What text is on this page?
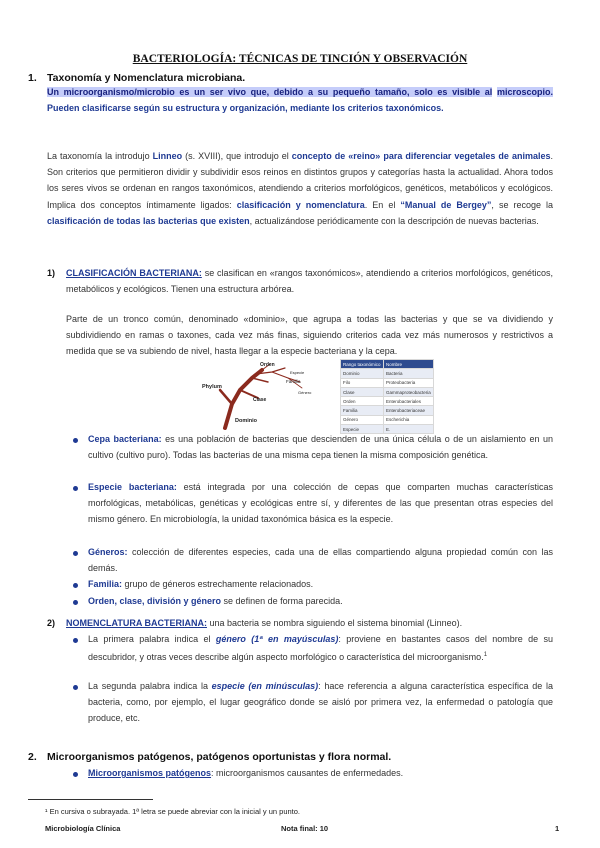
BACTERIOLOGÍA: TÉCNICAS DE TINCIÓN Y OBSERVACIÓN
1. Taxonomía y Nomenclatura microbiana.
Un microorganismo/microbio es un ser vivo que, debido a su pequeño tamaño, solo es visible al microscopio. Pueden clasificarse según su estructura y organización, mediante los criterios taxonómicos.
La taxonomía la introdujo Linneo (s. XVIII), que introdujo el concepto de «reino» para diferenciar vegetales de animales. Son criterios que permitieron dividir y subdividir esos reinos en distintos grupos y categorías hasta la actualidad. Ahora todos los seres vivos se ordenan en rangos taxonómicos, atendiendo a criterios morfológicos, genéticos, metabólicos y ecológicos. Implica dos conceptos íntimamente ligados: clasificación y nomenclatura. En el “Manual de Bergey”, se recoge la clasificación de todas las bacterias que existen, actualizándose periódicamente con la descripción de nuevas bacterias.
1) CLASIFICACIÓN BACTERIANA: se clasifican en «rangos taxonómicos», atendiendo a criterios morfológicos, genéticos, metabólicos y ecológicos. Tienen una estructura arbórea.
Parte de un tronco común, denominado «dominio», que agrupa a todas las bacterias y que se va dividiendo y subdividiendo en ramas o taxones, cada vez más finas, siguiendo criterios cada vez más numerosos y restrictivos a medida que se va subiendo de nivel, hasta llegar a la especie bacteriana y la cepa.
Phylum
Dominio
Clase
Orden
Familia
Especie
Género
Rango taxonómico	Nombre
Dominio	Bacteria
Filo	Proteobacteria
Clase	Gammaproteobacteria
Orden	Enterobacteriales
Familia	Enterobacteriaceae
Género	Escherichia
Especie	E.
Cepa bacteriana: es una población de bacterias que descienden de una única célula o de un aislamiento en un cultivo (cultivo puro). Todas las bacterias de una misma cepa tienen la misma composición genética.
Especie bacteriana: está integrada por una colección de cepas que comparten muchas características morfológicas, metabólicas, genéticas y ecológicas entre sí, y diferentes de las que presentan otras especies del mismo género. En microbiología, la unidad taxonómica básica es la especie.
Géneros: colección de diferentes especies, cada una de ellas compartiendo alguna propiedad común con las demás.
Familia: grupo de géneros estrechamente relacionados.
Orden, clase, división y género se definen de forma parecida.
2) NOMENCLATURA BACTERIANA: una bacteria se nombra siguiendo el sistema binomial (Linneo).
La primera palabra indica el género (1ª en mayúsculas): proviene en bastantes casos del nombre de su descubridor, y otras veces describe algún aspecto morfológico o característica del microorganismo.$^1$
La segunda palabra indica la especie (en minúsculas): hace referencia a alguna característica específica de la bacteria, como, por ejemplo, el lugar geográfico donde se aisló por primera vez, la enfermedad o patología que produce, etc.
2. Microorganismos patógenos, patógenos oportunistas y flora normal.
Microorganismos patógenos: microorganismos causantes de enfermedades.
¹ En cursiva o subrayada. 1ª letra se puede abreviar con la inicial y un punto.
Microbiología Clínica	Nota final: 10	1
